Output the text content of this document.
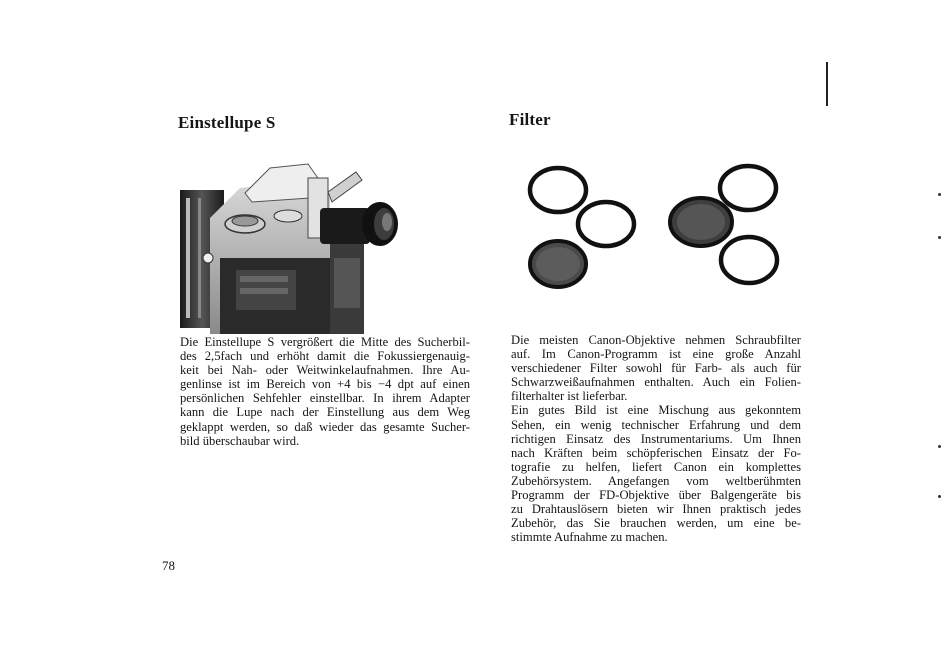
Einstellupe S
Die Einstellupe S vergrößert die Mitte des Sucherbil-
des 2,5fach und erhöht damit die Fokussiergenauig-
keit bei Nah- oder Weitwinkelaufnahmen. Ihre Au-
genlinse ist im Bereich von +4 bis −4 dpt auf einen
persönlichen Sehfehler einstellbar. In ihrem Adapter
kann die Lupe nach der Einstellung aus dem Weg
geklappt werden, so daß wieder das gesamte Sucher-
bild überschaubar wird.

78

Filter
Die meisten Canon-Objektive nehmen Schraubfilter
auf. Im Canon-Programm ist eine große Anzahl
verschiedener Filter sowohl für Farb- als auch für
Schwarzweißaufnahmen enthalten. Auch ein Folien-
filterhalter ist lieferbar.
Ein gutes Bild ist eine Mischung aus gekonntem
Sehen, ein wenig technischer Erfahrung und dem
richtigen Einsatz des Instrumentariums. Um Ihnen
nach Kräften beim schöpferischen Einsatz der Fo-
tografie zu helfen, liefert Canon ein komplettes
Zubehörsystem. Angefangen vom weltberühmten
Programm der FD-Objektive über Balgengeräte bis
zu Drahtauslösern bieten wir Ihnen praktisch jedes
Zubehör, das Sie brauchen werden, um eine be-
stimmte Aufnahme zu machen.
